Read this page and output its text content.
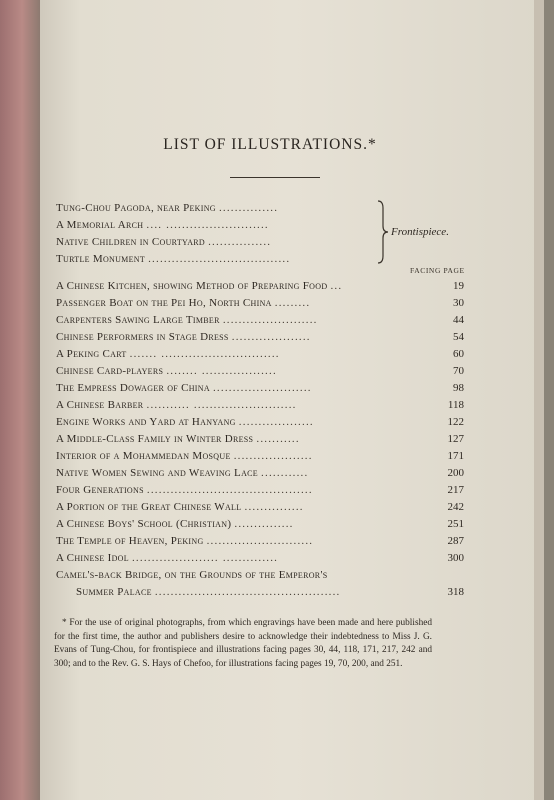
LIST OF ILLUSTRATIONS.*
Tung-Chou Pagoda, near Peking ...............
A Memorial Arch .... ..........................
Native Children in Courtyard ................
Turtle Monument ....................................
Frontispiece.
FACING PAGE
A Chinese Kitchen, showing Method of Preparing Food ...	19
Passenger Boat on the Pei Ho, North China .........	30
Carpenters Sawing Large Timber ........................	44
Chinese Performers in Stage Dress ....................	54
A Peking Cart ....... ..............................	60
Chinese Card-players ........ ...................	70
The Empress Dowager of China .........................	98
A Chinese Barber ........... ..........................	118
Engine Works and Yard at Hanyang ...................	122
A Middle-Class Family in Winter Dress ...........	127
Interior of a Mohammedan Mosque ....................	171
Native Women Sewing and Weaving Lace ............	200
Four Generations ..........................................	217
A Portion of the Great Chinese Wall ...............	242
A Chinese Boys' School (Christian) ...............	251
The Temple of Heaven, Peking ...........................	287
A Chinese Idol ...................... ..............	300
Camel's-back Bridge, on the Grounds of the Emperor's
Summer Palace ...............................................	318
* For the use of original photographs, from which engravings have been made and here published for the first time, the author and publishers desire to acknowledge their indebtedness to Miss J. G. Evans of Tung-Chou, for frontispiece and illustrations facing pages 30, 44, 118, 171, 217, 242 and 300; and to the Rev. G. S. Hays of Chefoo, for illustrations facing pages 19, 70, 200, and 251.
